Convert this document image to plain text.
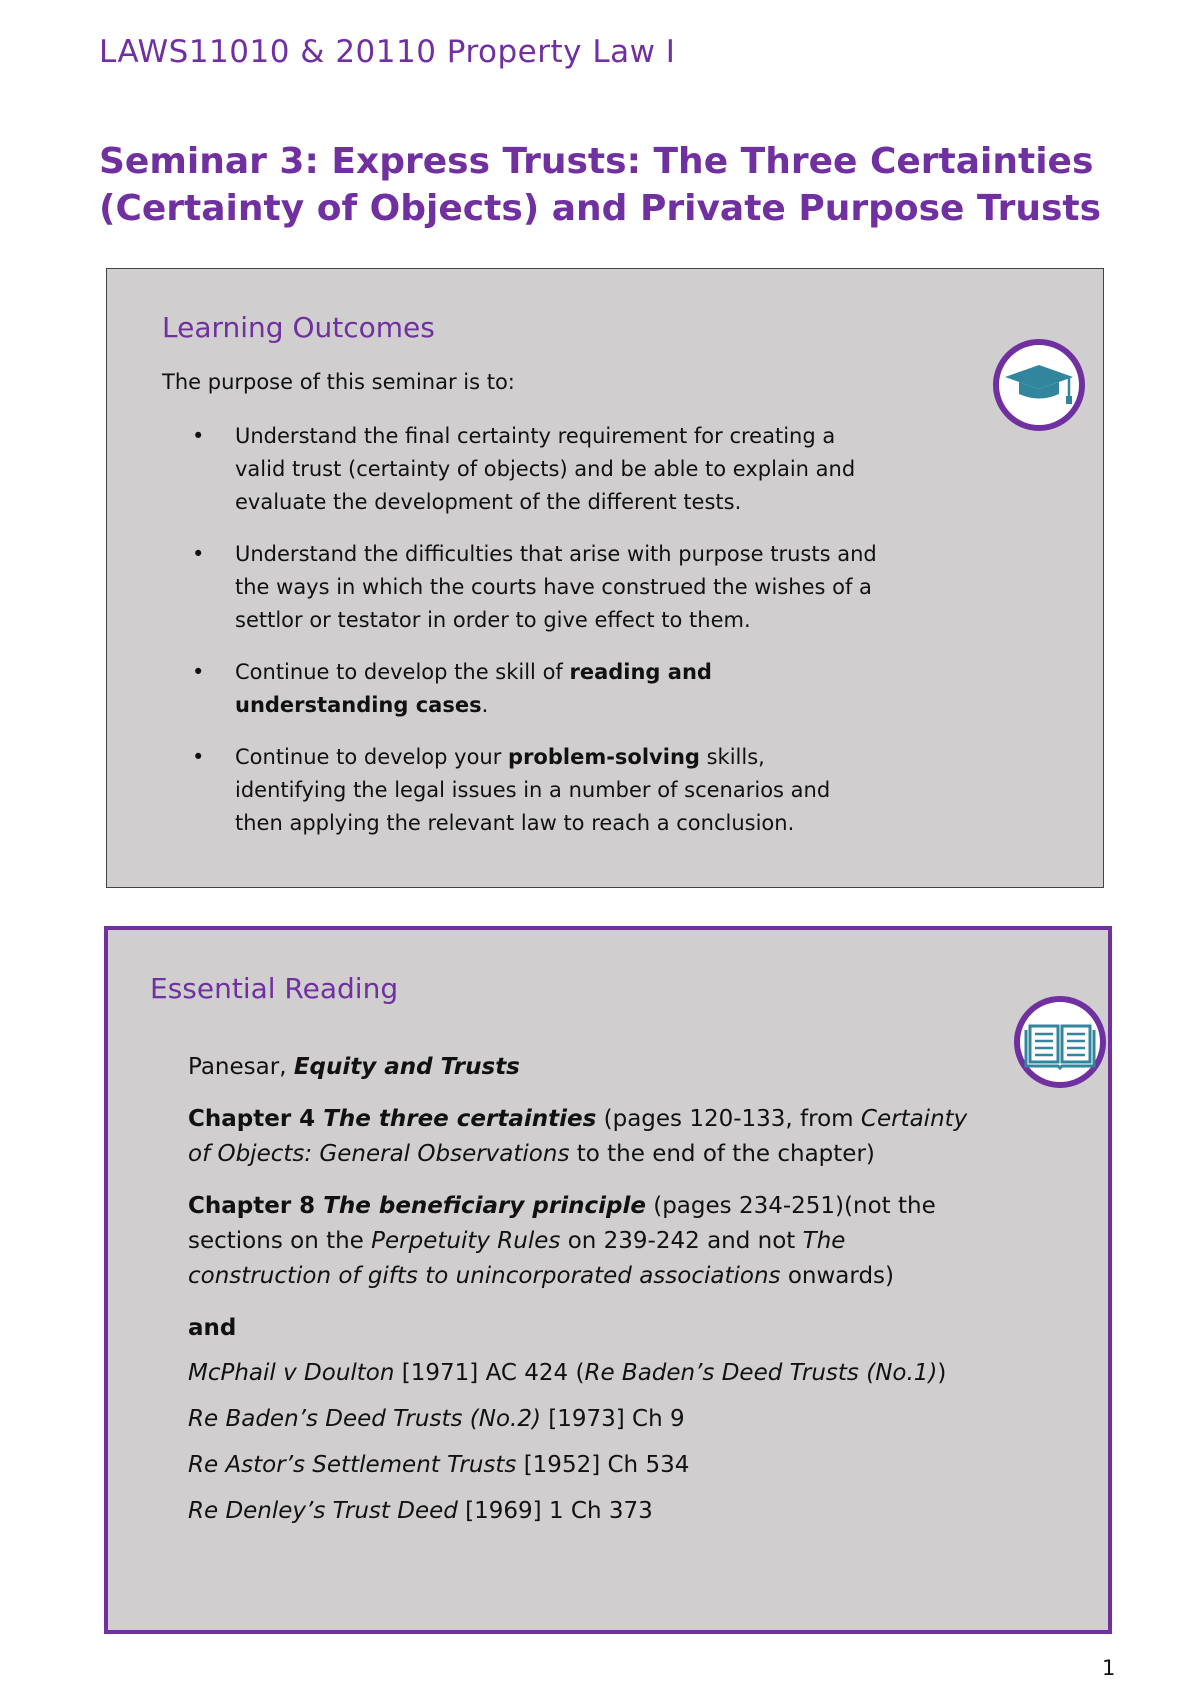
LAWS11010 & 20110 Property Law I
Seminar 3: Express Trusts: The Three Certainties
(Certainty of Objects) and Private Purpose Trusts
Learning Outcomes

The purpose of this seminar is to:

• Understand the final certainty requirement for creating a valid trust (certainty of objects) and be able to explain and evaluate the development of the different tests.
• Understand the difficulties that arise with purpose trusts and the ways in which the courts have construed the wishes of a settlor or testator in order to give effect to them.
• Continue to develop the skill of reading and understanding cases.
• Continue to develop your problem-solving skills, identifying the legal issues in a number of scenarios and then applying the relevant law to reach a conclusion.
Essential Reading

Panesar, Equity and Trusts

Chapter 4 The three certainties (pages 120-133, from Certainty of Objects: General Observations to the end of the chapter)

Chapter 8 The beneficiary principle (pages 234-251)(not the sections on the Perpetuity Rules on 239-242 and not The construction of gifts to unincorporated associations onwards)

and

McPhail v Doulton [1971] AC 424 (Re Baden’s Deed Trusts (No.1))

Re Baden’s Deed Trusts (No.2) [1973] Ch 9

Re Astor’s Settlement Trusts [1952] Ch 534

Re Denley’s Trust Deed [1969] 1 Ch 373

1
